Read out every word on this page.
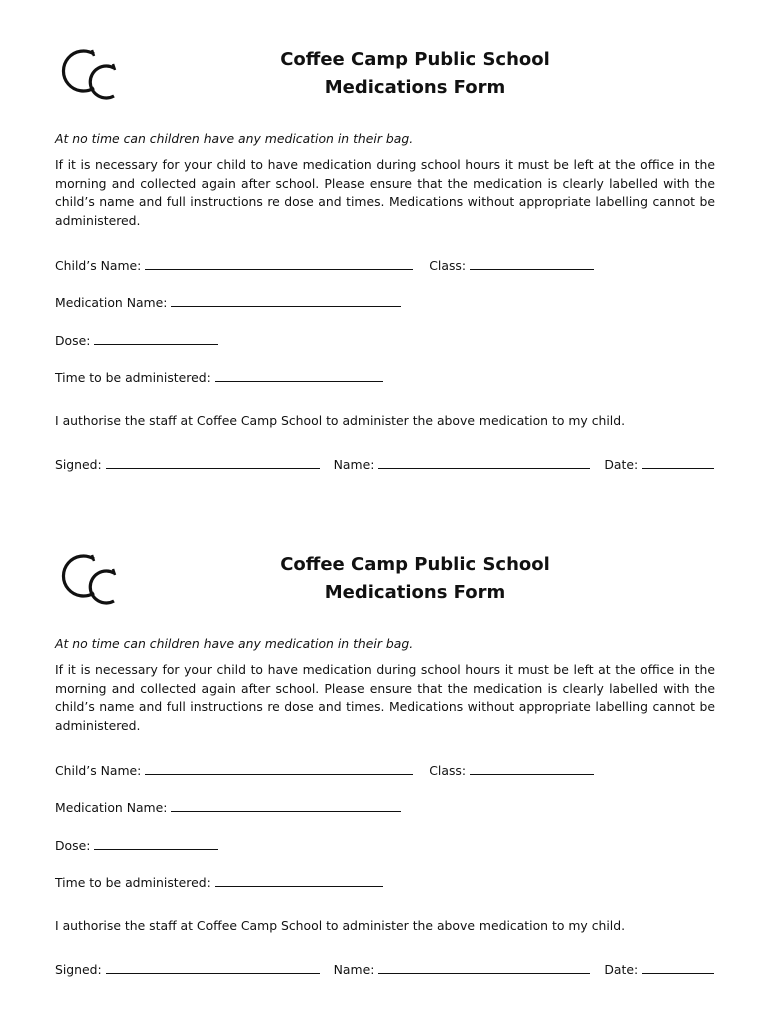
Coffee Camp Public School
Medications Form
At no time can children have any medication in their bag.
If it is necessary for your child to have medication during school hours it must be left at the office in the morning and collected again after school. Please ensure that the medication is clearly labelled with the child’s name and full instructions re dose and times. Medications without appropriate labelling cannot be administered.
Child’s Name:	Class:
Medication Name:
Dose:
Time to be administered:
I authorise the staff at Coffee Camp School to administer the above medication to my child.
Signed:	Name:	Date:
Coffee Camp Public School
Medications Form
At no time can children have any medication in their bag.
If it is necessary for your child to have medication during school hours it must be left at the office in the morning and collected again after school. Please ensure that the medication is clearly labelled with the child’s name and full instructions re dose and times. Medications without appropriate labelling cannot be administered.
Child’s Name:	Class:
Medication Name:
Dose:
Time to be administered:
I authorise the staff at Coffee Camp School to administer the above medication to my child.
Signed:	Name:	Date:
